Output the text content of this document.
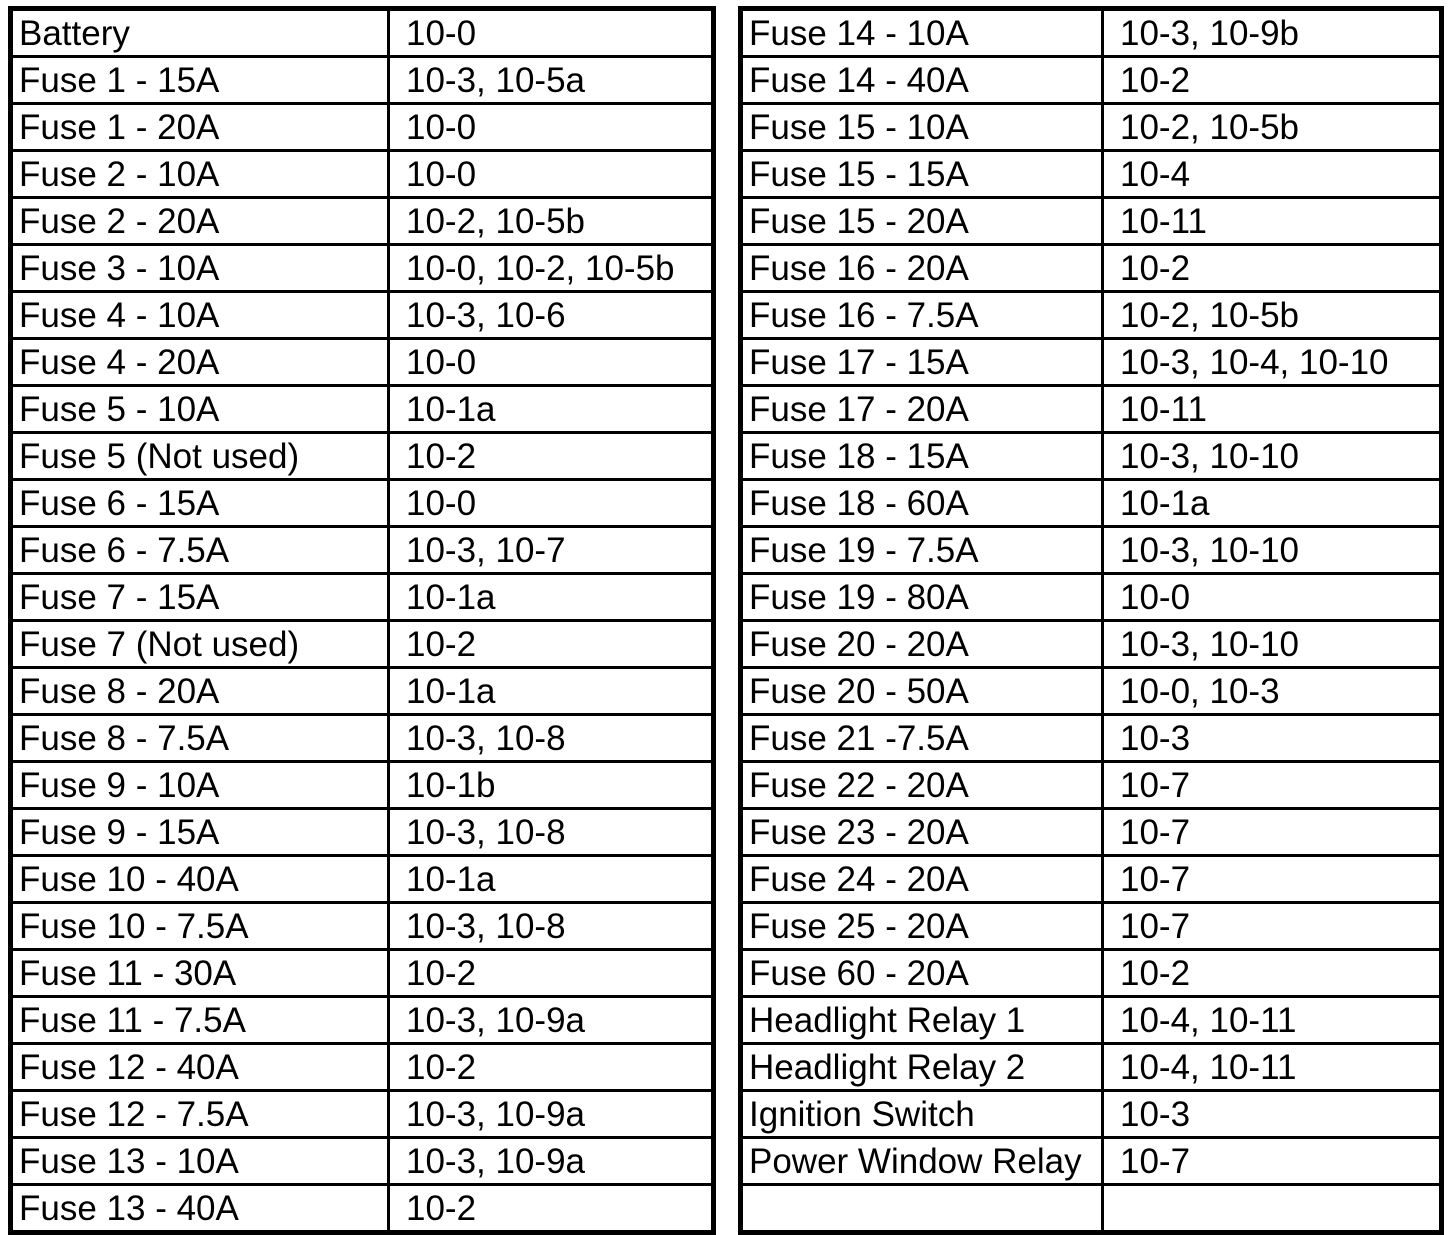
Battery	10-0
Fuse 1 - 15A	10-3, 10-5a
Fuse 1 - 20A	10-0
Fuse 2 - 10A	10-0
Fuse 2 - 20A	10-2, 10-5b
Fuse 3 - 10A	10-0, 10-2, 10-5b
Fuse 4 - 10A	10-3, 10-6
Fuse 4 - 20A	10-0
Fuse 5 - 10A	10-1a
Fuse 5 (Not used)	10-2
Fuse 6 - 15A	10-0
Fuse 6 - 7.5A	10-3, 10-7
Fuse 7 - 15A	10-1a
Fuse 7 (Not used)	10-2
Fuse 8 - 20A	10-1a
Fuse 8 - 7.5A	10-3, 10-8
Fuse 9 - 10A	10-1b
Fuse 9 - 15A	10-3, 10-8
Fuse 10 - 40A	10-1a
Fuse 10 - 7.5A	10-3, 10-8
Fuse 11 - 30A	10-2
Fuse 11 - 7.5A	10-3, 10-9a
Fuse 12 - 40A	10-2
Fuse 12 - 7.5A	10-3, 10-9a
Fuse 13 - 10A	10-3, 10-9a
Fuse 13 - 40A	10-2
Fuse 14 - 10A	10-3, 10-9b
Fuse 14 - 40A	10-2
Fuse 15 - 10A	10-2, 10-5b
Fuse 15 - 15A	10-4
Fuse 15 - 20A	10-11
Fuse 16 - 20A	10-2
Fuse 16 - 7.5A	10-2, 10-5b
Fuse 17 - 15A	10-3, 10-4, 10-10
Fuse 17 - 20A	10-11
Fuse 18 - 15A	10-3, 10-10
Fuse 18 - 60A	10-1a
Fuse 19 - 7.5A	10-3, 10-10
Fuse 19 - 80A	10-0
Fuse 20 - 20A	10-3, 10-10
Fuse 20 - 50A	10-0, 10-3
Fuse 21 -7.5A	10-3
Fuse 22 - 20A	10-7
Fuse 23 - 20A	10-7
Fuse 24 - 20A	10-7
Fuse 25 - 20A	10-7
Fuse 60 - 20A	10-2
Headlight Relay 1	10-4, 10-11
Headlight Relay 2	10-4, 10-11
Ignition Switch	10-3
Power Window Relay	10-7
